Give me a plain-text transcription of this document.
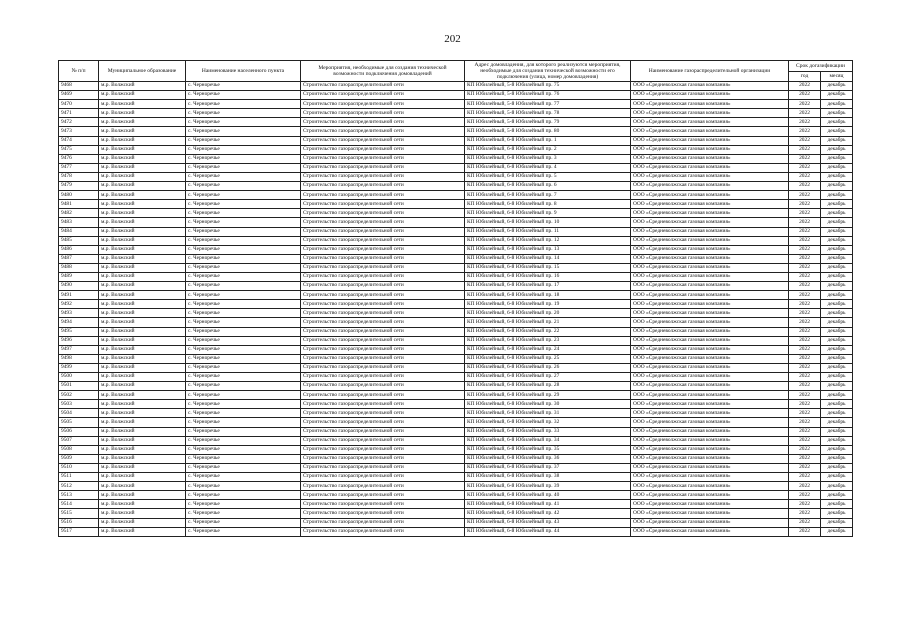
202
№ п/п	Муниципальное образование	Наименование населенного пункта	Мероприятия, необходимые для создания технической возможности подключения домовладений	Адрес домовладения, для которого реализуются мероприятия, необходимые для создания технической возможности его подключения (улица, номер домовладения)	Наименование газораспределительной организации	Срок догазификации	
						год	месяц
9468	м.р. Волжский	с. Черноречье	Строительство газораспределительной сети	КП Юбилейный, 5-й Юбилейный пр. 75	ООО «Средневолжская газовая компания»	2022	декабрь
9469	м.р. Волжский	с. Черноречье	Строительство газораспределительной сети	КП Юбилейный, 5-й Юбилейный пр. 76	ООО «Средневолжская газовая компания»	2022	декабрь
9470	м.р. Волжский	с. Черноречье	Строительство газораспределительной сети	КП Юбилейный, 5-й Юбилейный пр. 77	ООО «Средневолжская газовая компания»	2022	декабрь
9471	м.р. Волжский	с. Черноречье	Строительство газораспределительной сети	КП Юбилейный, 5-й Юбилейный пр. 78	ООО «Средневолжская газовая компания»	2022	декабрь
9472	м.р. Волжский	с. Черноречье	Строительство газораспределительной сети	КП Юбилейный, 5-й Юбилейный пр. 79	ООО «Средневолжская газовая компания»	2022	декабрь
9473	м.р. Волжский	с. Черноречье	Строительство газораспределительной сети	КП Юбилейный, 5-й Юбилейный пр. 80	ООО «Средневолжская газовая компания»	2022	декабрь
9474	м.р. Волжский	с. Черноречье	Строительство газораспределительной сети	КП Юбилейный, 6-й Юбилейный пр. 1	ООО «Средневолжская газовая компания»	2022	декабрь
9475	м.р. Волжский	с. Черноречье	Строительство газораспределительной сети	КП Юбилейный, 6-й Юбилейный пр. 2	ООО «Средневолжская газовая компания»	2022	декабрь
9476	м.р. Волжский	с. Черноречье	Строительство газораспределительной сети	КП Юбилейный, 6-й Юбилейный пр. 3	ООО «Средневолжская газовая компания»	2022	декабрь
9477	м.р. Волжский	с. Черноречье	Строительство газораспределительной сети	КП Юбилейный, 6-й Юбилейный пр. 4	ООО «Средневолжская газовая компания»	2022	декабрь
9478	м.р. Волжский	с. Черноречье	Строительство газораспределительной сети	КП Юбилейный, 6-й Юбилейный пр. 5	ООО «Средневолжская газовая компания»	2022	декабрь
9479	м.р. Волжский	с. Черноречье	Строительство газораспределительной сети	КП Юбилейный, 6-й Юбилейный пр. 6	ООО «Средневолжская газовая компания»	2022	декабрь
9480	м.р. Волжский	с. Черноречье	Строительство газораспределительной сети	КП Юбилейный, 6-й Юбилейный пр. 7	ООО «Средневолжская газовая компания»	2022	декабрь
9481	м.р. Волжский	с. Черноречье	Строительство газораспределительной сети	КП Юбилейный, 6-й Юбилейный пр. 8	ООО «Средневолжская газовая компания»	2022	декабрь
9482	м.р. Волжский	с. Черноречье	Строительство газораспределительной сети	КП Юбилейный, 6-й Юбилейный пр. 9	ООО «Средневолжская газовая компания»	2022	декабрь
9483	м.р. Волжский	с. Черноречье	Строительство газораспределительной сети	КП Юбилейный, 6-й Юбилейный пр. 10	ООО «Средневолжская газовая компания»	2022	декабрь
9484	м.р. Волжский	с. Черноречье	Строительство газораспределительной сети	КП Юбилейный, 6-й Юбилейный пр. 11	ООО «Средневолжская газовая компания»	2022	декабрь
9485	м.р. Волжский	с. Черноречье	Строительство газораспределительной сети	КП Юбилейный, 6-й Юбилейный пр. 12	ООО «Средневолжская газовая компания»	2022	декабрь
9486	м.р. Волжский	с. Черноречье	Строительство газораспределительной сети	КП Юбилейный, 6-й Юбилейный пр. 13	ООО «Средневолжская газовая компания»	2022	декабрь
9487	м.р. Волжский	с. Черноречье	Строительство газораспределительной сети	КП Юбилейный, 6-й Юбилейный пр. 14	ООО «Средневолжская газовая компания»	2022	декабрь
9488	м.р. Волжский	с. Черноречье	Строительство газораспределительной сети	КП Юбилейный, 6-й Юбилейный пр. 15	ООО «Средневолжская газовая компания»	2022	декабрь
9489	м.р. Волжский	с. Черноречье	Строительство газораспределительной сети	КП Юбилейный, 6-й Юбилейный пр. 16	ООО «Средневолжская газовая компания»	2022	декабрь
9490	м.р. Волжский	с. Черноречье	Строительство газораспределительной сети	КП Юбилейный, 6-й Юбилейный пр. 17	ООО «Средневолжская газовая компания»	2022	декабрь
9491	м.р. Волжский	с. Черноречье	Строительство газораспределительной сети	КП Юбилейный, 6-й Юбилейный пр. 18	ООО «Средневолжская газовая компания»	2022	декабрь
9492	м.р. Волжский	с. Черноречье	Строительство газораспределительной сети	КП Юбилейный, 6-й Юбилейный пр. 19	ООО «Средневолжская газовая компания»	2022	декабрь
9493	м.р. Волжский	с. Черноречье	Строительство газораспределительной сети	КП Юбилейный, 6-й Юбилейный пр. 20	ООО «Средневолжская газовая компания»	2022	декабрь
9494	м.р. Волжский	с. Черноречье	Строительство газораспределительной сети	КП Юбилейный, 6-й Юбилейный пр. 21	ООО «Средневолжская газовая компания»	2022	декабрь
9495	м.р. Волжский	с. Черноречье	Строительство газораспределительной сети	КП Юбилейный, 6-й Юбилейный пр. 22	ООО «Средневолжская газовая компания»	2022	декабрь
9496	м.р. Волжский	с. Черноречье	Строительство газораспределительной сети	КП Юбилейный, 6-й Юбилейный пр. 23	ООО «Средневолжская газовая компания»	2022	декабрь
9497	м.р. Волжский	с. Черноречье	Строительство газораспределительной сети	КП Юбилейный, 6-й Юбилейный пр. 24	ООО «Средневолжская газовая компания»	2022	декабрь
9498	м.р. Волжский	с. Черноречье	Строительство газораспределительной сети	КП Юбилейный, 6-й Юбилейный пр. 25	ООО «Средневолжская газовая компания»	2022	декабрь
9499	м.р. Волжский	с. Черноречье	Строительство газораспределительной сети	КП Юбилейный, 6-й Юбилейный пр. 26	ООО «Средневолжская газовая компания»	2022	декабрь
9500	м.р. Волжский	с. Черноречье	Строительство газораспределительной сети	КП Юбилейный, 6-й Юбилейный пр. 27	ООО «Средневолжская газовая компания»	2022	декабрь
9501	м.р. Волжский	с. Черноречье	Строительство газораспределительной сети	КП Юбилейный, 6-й Юбилейный пр. 28	ООО «Средневолжская газовая компания»	2022	декабрь
9502	м.р. Волжский	с. Черноречье	Строительство газораспределительной сети	КП Юбилейный, 6-й Юбилейный пр. 29	ООО «Средневолжская газовая компания»	2022	декабрь
9503	м.р. Волжский	с. Черноречье	Строительство газораспределительной сети	КП Юбилейный, 6-й Юбилейный пр. 30	ООО «Средневолжская газовая компания»	2022	декабрь
9504	м.р. Волжский	с. Черноречье	Строительство газораспределительной сети	КП Юбилейный, 6-й Юбилейный пр. 31	ООО «Средневолжская газовая компания»	2022	декабрь
9505	м.р. Волжский	с. Черноречье	Строительство газораспределительной сети	КП Юбилейный, 6-й Юбилейный пр. 32	ООО «Средневолжская газовая компания»	2022	декабрь
9506	м.р. Волжский	с. Черноречье	Строительство газораспределительной сети	КП Юбилейный, 6-й Юбилейный пр. 33	ООО «Средневолжская газовая компания»	2022	декабрь
9507	м.р. Волжский	с. Черноречье	Строительство газораспределительной сети	КП Юбилейный, 6-й Юбилейный пр. 34	ООО «Средневолжская газовая компания»	2022	декабрь
9508	м.р. Волжский	с. Черноречье	Строительство газораспределительной сети	КП Юбилейный, 6-й Юбилейный пр. 35	ООО «Средневолжская газовая компания»	2022	декабрь
9509	м.р. Волжский	с. Черноречье	Строительство газораспределительной сети	КП Юбилейный, 6-й Юбилейный пр. 36	ООО «Средневолжская газовая компания»	2022	декабрь
9510	м.р. Волжский	с. Черноречье	Строительство газораспределительной сети	КП Юбилейный, 6-й Юбилейный пр. 37	ООО «Средневолжская газовая компания»	2022	декабрь
9511	м.р. Волжский	с. Черноречье	Строительство газораспределительной сети	КП Юбилейный, 6-й Юбилейный пр. 38	ООО «Средневолжская газовая компания»	2022	декабрь
9512	м.р. Волжский	с. Черноречье	Строительство газораспределительной сети	КП Юбилейный, 6-й Юбилейный пр. 39	ООО «Средневолжская газовая компания»	2022	декабрь
9513	м.р. Волжский	с. Черноречье	Строительство газораспределительной сети	КП Юбилейный, 6-й Юбилейный пр. 40	ООО «Средневолжская газовая компания»	2022	декабрь
9514	м.р. Волжский	с. Черноречье	Строительство газораспределительной сети	КП Юбилейный, 6-й Юбилейный пр. 41	ООО «Средневолжская газовая компания»	2022	декабрь
9515	м.р. Волжский	с. Черноречье	Строительство газораспределительной сети	КП Юбилейный, 6-й Юбилейный пр. 42	ООО «Средневолжская газовая компания»	2022	декабрь
9516	м.р. Волжский	с. Черноречье	Строительство газораспределительной сети	КП Юбилейный, 6-й Юбилейный пр. 43	ООО «Средневолжская газовая компания»	2022	декабрь
9517	м.р. Волжский	с. Черноречье	Строительство газораспределительной сети	КП Юбилейный, 6-й Юбилейный пр. 44	ООО «Средневолжская газовая компания»	2022	декабрь
